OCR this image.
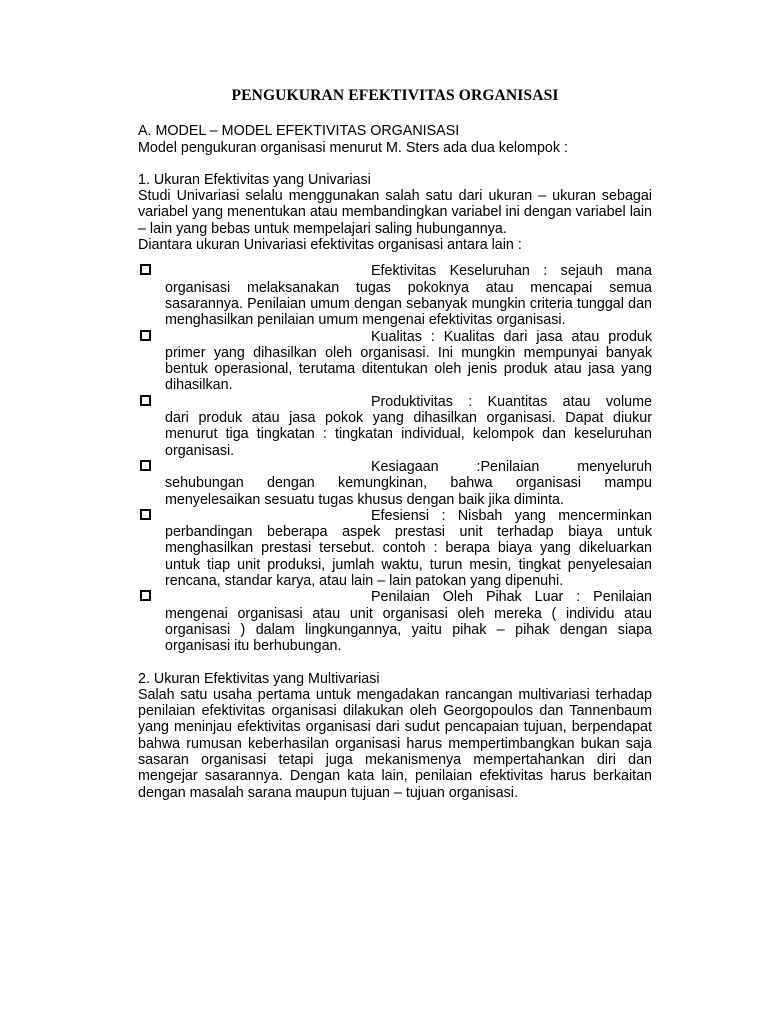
PENGUKURAN EFEKTIVITAS ORGANISASI

A. MODEL – MODEL EFEKTIVITAS ORGANISASI

Model pengukuran organisasi menurut M. Sters ada dua kelompok :

1. Ukuran Efektivitas yang Univariasi

Studi Univariasi selalu menggunakan salah satu dari ukuran – ukuran sebagai variabel yang menentukan atau membandingkan variabel ini dengan variabel lain – lain yang bebas untuk mempelajari saling hubungannya.

Diantara ukuran Univariasi efektivitas organisasi antara lain :

Efektivitas Keseluruhan : sejauh mana
organisasi melaksanakan tugas pokoknya atau mencapai semua sasarannya. Penilaian umum dengan sebanyak mungkin criteria tunggal dan menghasilkan penilaian umum mengenai efektivitas organisasi.
Kualitas : Kualitas dari jasa atau produk
primer yang dihasilkan oleh organisasi. Ini mungkin mempunyai banyak bentuk operasional, terutama ditentukan oleh jenis produk atau jasa yang dihasilkan.
Produktivitas : Kuantitas atau volume
dari produk atau jasa pokok yang dihasilkan organisasi. Dapat diukur menurut tiga tingkatan : tingkatan individual, kelompok dan keseluruhan organisasi.
Kesiagaan :Penilaian menyeluruh
sehubungan dengan kemungkinan, bahwa organisasi mampu menyelesaikan sesuatu tugas khusus dengan baik jika diminta.
Efesiensi : Nisbah yang mencerminkan
perbandingan beberapa aspek prestasi unit terhadap biaya untuk menghasilkan prestasi tersebut. contoh : berapa biaya yang dikeluarkan untuk tiap unit produksi, jumlah waktu, turun mesin, tingkat penyelesaian rencana, standar karya, atau lain – lain patokan yang dipenuhi.
Penilaian Oleh Pihak Luar : Penilaian
mengenai organisasi atau unit organisasi oleh mereka ( individu atau organisasi ) dalam lingkungannya, yaitu pihak – pihak dengan siapa organisasi itu berhubungan.

2. Ukuran Efektivitas yang Multivariasi

Salah satu usaha pertama untuk mengadakan rancangan multivariasi terhadap penilaian efektivitas organisasi dilakukan oleh Georgopoulos dan Tannenbaum yang meninjau efektivitas organisasi dari sudut pencapaian tujuan, berpendapat bahwa rumusan keberhasilan organisasi harus mempertimbangkan bukan saja sasaran organisasi tetapi juga mekanismenya mempertahankan diri dan mengejar sasarannya. Dengan kata lain, penilaian efektivitas harus berkaitan dengan masalah sarana maupun tujuan – tujuan organisasi.
